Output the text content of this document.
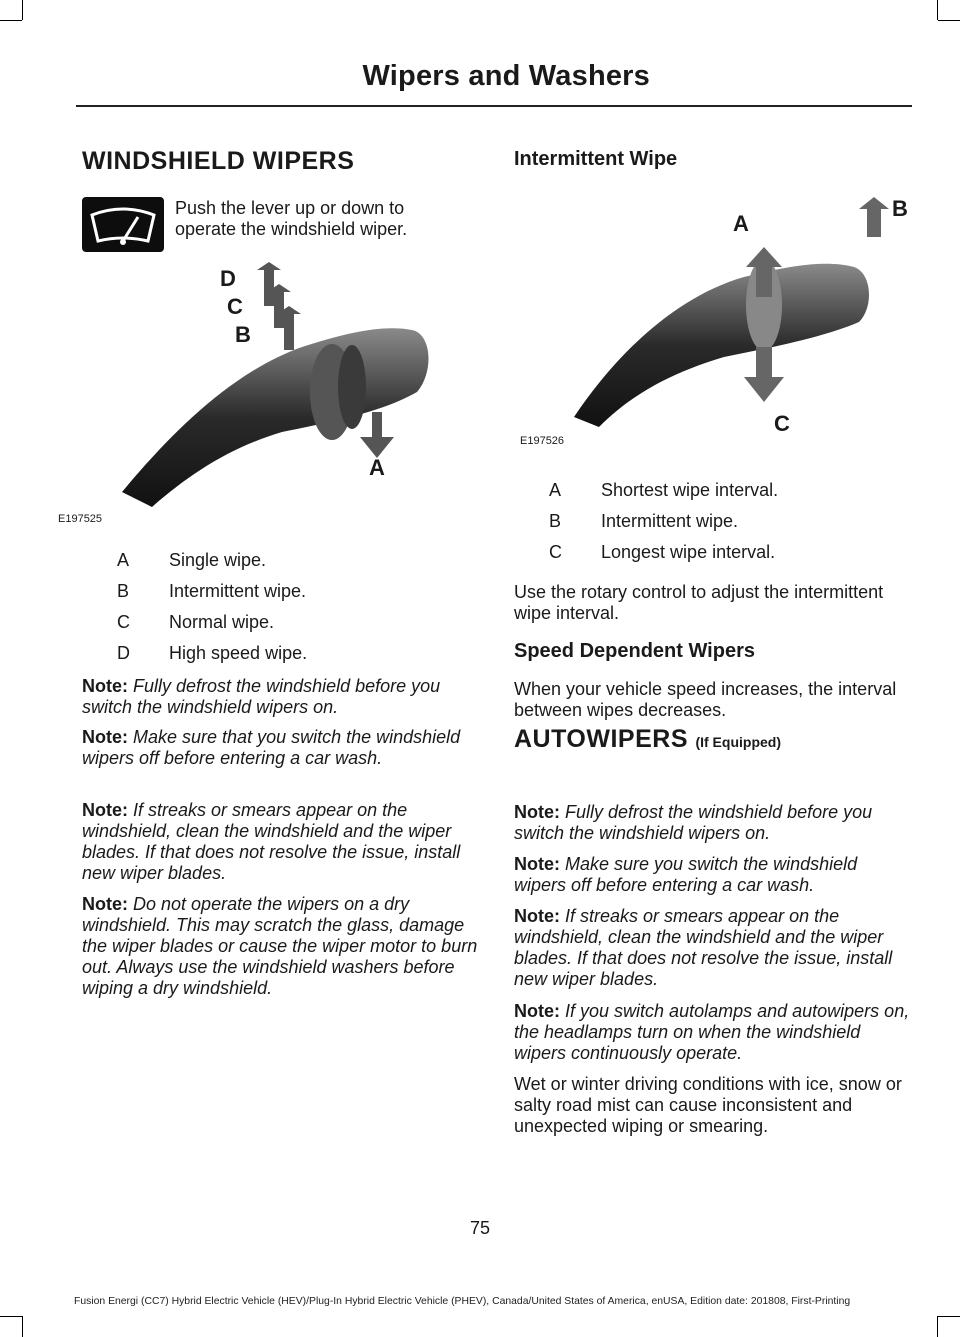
Wipers and Washers
WINDSHIELD WIPERS

Push the lever up or down to operate the windshield wiper.

D
C
B
A
E197525
A Single wipe.
B Intermittent wipe.
C Normal wipe.
D High speed wipe.

Note: Fully defrost the windshield before you switch the windshield wipers on.

Note: Make sure that you switch the windshield wipers off before entering a car wash.

Note: If streaks or smears appear on the windshield, clean the windshield and the wiper blades. If that does not resolve the issue, install new wiper blades.

Note: Do not operate the wipers on a dry windshield. This may scratch the glass, damage the wiper blades or cause the wiper motor to burn out. Always use the windshield washers before wiping a dry windshield.

Intermittent Wipe
A
B
C
E197526
A Shortest wipe interval.
B Intermittent wipe.
C Longest wipe interval.

Use the rotary control to adjust the intermittent wipe interval.

Speed Dependent Wipers

When your vehicle speed increases, the interval between wipes decreases.

AUTOWIPERS (If Equipped)

Note: Fully defrost the windshield before you switch the windshield wipers on.

Note: Make sure you switch the windshield wipers off before entering a car wash.

Note: If streaks or smears appear on the windshield, clean the windshield and the wiper blades. If that does not resolve the issue, install new wiper blades.

Note: If you switch autolamps and autowipers on, the headlamps turn on when the windshield wipers continuously operate.

Wet or winter driving conditions with ice, snow or salty road mist can cause inconsistent and unexpected wiping or smearing.

75
Fusion Energi (CC7) Hybrid Electric Vehicle (HEV)/Plug-In Hybrid Electric Vehicle (PHEV), Canada/United States of America, enUSA, Edition date: 201808, First-Printing
